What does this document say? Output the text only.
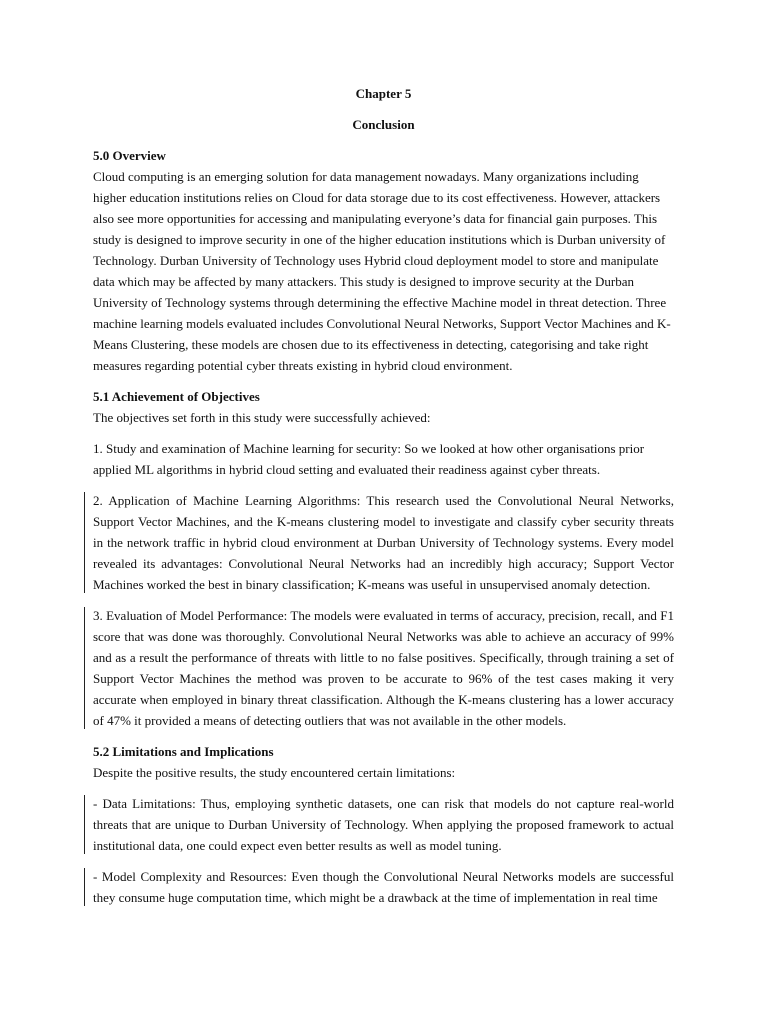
Chapter 5

Conclusion

5.0 Overview

Cloud computing is an emerging solution for data management nowadays. Many organizations including higher education institutions relies on Cloud for data storage due to its cost effectiveness. However, attackers also see more opportunities for accessing and manipulating everyone’s data for financial gain purposes. This study is designed to improve security in one of the higher education institutions which is Durban university of Technology. Durban University of Technology uses Hybrid cloud deployment model to store and manipulate data which may be affected by many attackers. This study is designed to improve security at the Durban University of Technology systems through determining the effective Machine model in threat detection. Three machine learning models evaluated includes Convolutional Neural Networks, Support Vector Machines and K-Means Clustering, these models are chosen due to its effectiveness in detecting, categorising and take right measures regarding potential cyber threats existing in hybrid cloud environment.

5.1 Achievement of Objectives

The objectives set forth in this study were successfully achieved:

1. Study and examination of Machine learning for security: So we looked at how other organisations prior applied ML algorithms in hybrid cloud setting and evaluated their readiness against cyber threats.

2. Application of Machine Learning Algorithms: This research used the Convolutional Neural Networks, Support Vector Machines, and the K-means clustering model to investigate and classify cyber security threats in the network traffic in hybrid cloud environment at Durban University of Technology systems. Every model revealed its advantages: Convolutional Neural Networks had an incredibly high accuracy; Support Vector Machines worked the best in binary classification; K-means was useful in unsupervised anomaly detection.

3. Evaluation of Model Performance: The models were evaluated in terms of accuracy, precision, recall, and F1 score that was done was thoroughly. Convolutional Neural Networks was able to achieve an accuracy of 99% and as a result the performance of threats with little to no false positives. Specifically, through training a set of Support Vector Machines the method was proven to be accurate to 96% of the test cases making it very accurate when employed in binary threat classification. Although the K-means clustering has a lower accuracy of 47% it provided a means of detecting outliers that was not available in the other models.

5.2 Limitations and Implications

Despite the positive results, the study encountered certain limitations:

- Data Limitations: Thus, employing synthetic datasets, one can risk that models do not capture real-world threats that are unique to Durban University of Technology. When applying the proposed framework to actual institutional data, one could expect even better results as well as model tuning.

- Model Complexity and Resources: Even though the Convolutional Neural Networks models are successful they consume huge computation time, which might be a drawback at the time of implementation in real time
